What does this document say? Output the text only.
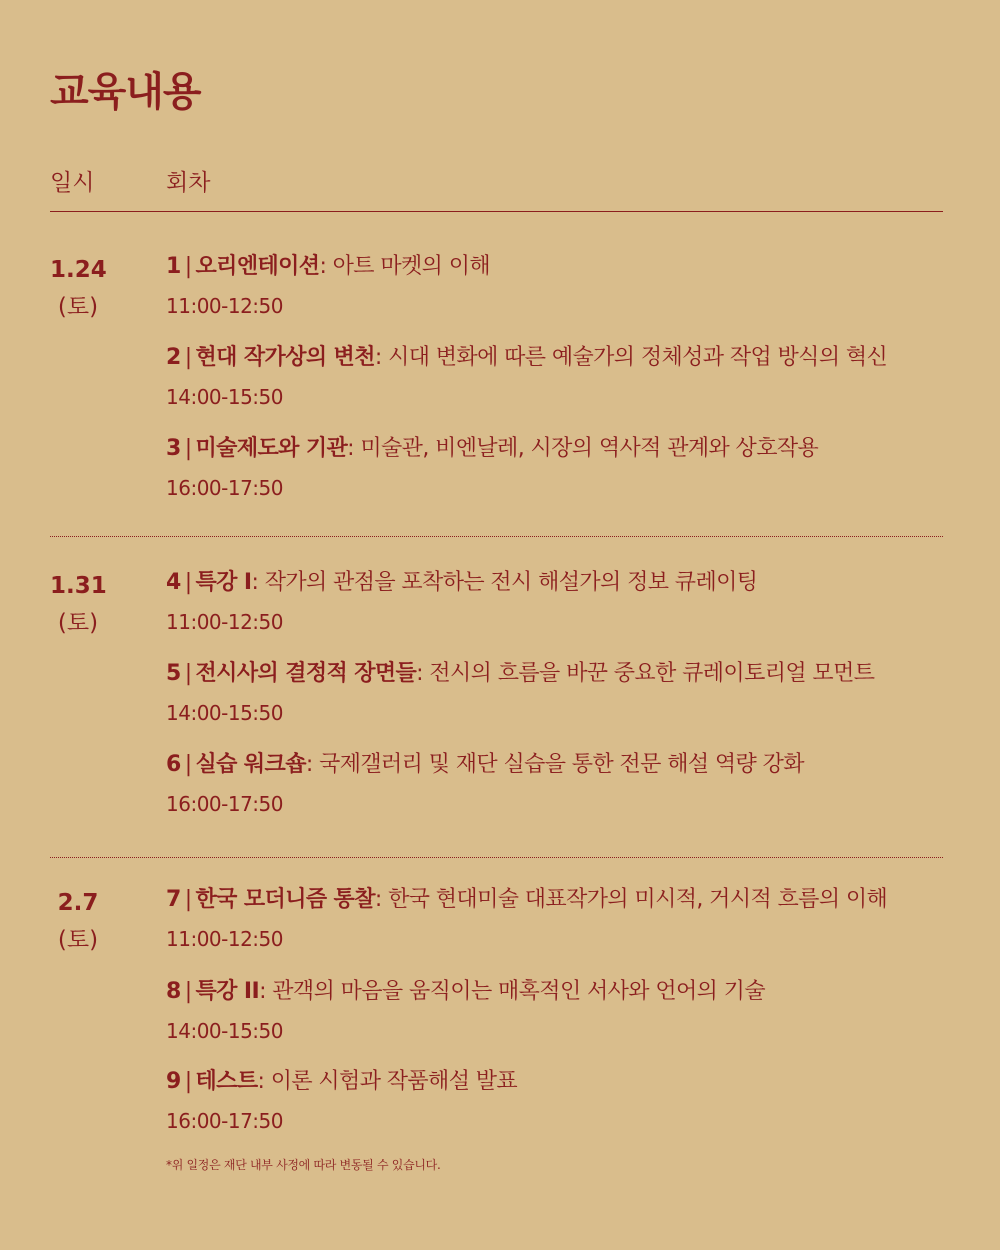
교육내용
일시	회차
1.24
(토)
1 | 오리엔테이션: 아트 마켓의 이해
11:00-12:50
2 | 현대 작가상의 변천: 시대 변화에 따른 예술가의 정체성과 작업 방식의 혁신
14:00-15:50
3 | 미술제도와 기관: 미술관, 비엔날레, 시장의 역사적 관계와 상호작용
16:00-17:50
1.31
(토)
4 | 특강 I: 작가의 관점을 포착하는 전시 해설가의 정보 큐레이팅
11:00-12:50
5 | 전시사의 결정적 장면들: 전시의 흐름을 바꾼 중요한 큐레이토리얼 모먼트
14:00-15:50
6 | 실습 워크숍: 국제갤러리 및 재단 실습을 통한 전문 해설 역량 강화
16:00-17:50
2.7
(토)
7 | 한국 모더니즘 통찰: 한국 현대미술 대표작가의 미시적, 거시적 흐름의 이해
11:00-12:50
8 | 특강 II: 관객의 마음을 움직이는 매혹적인 서사와 언어의 기술
14:00-15:50
9 | 테스트: 이론 시험과 작품해설 발표
16:00-17:50
*위 일정은 재단 내부 사정에 따라 변동될 수 있습니다.
